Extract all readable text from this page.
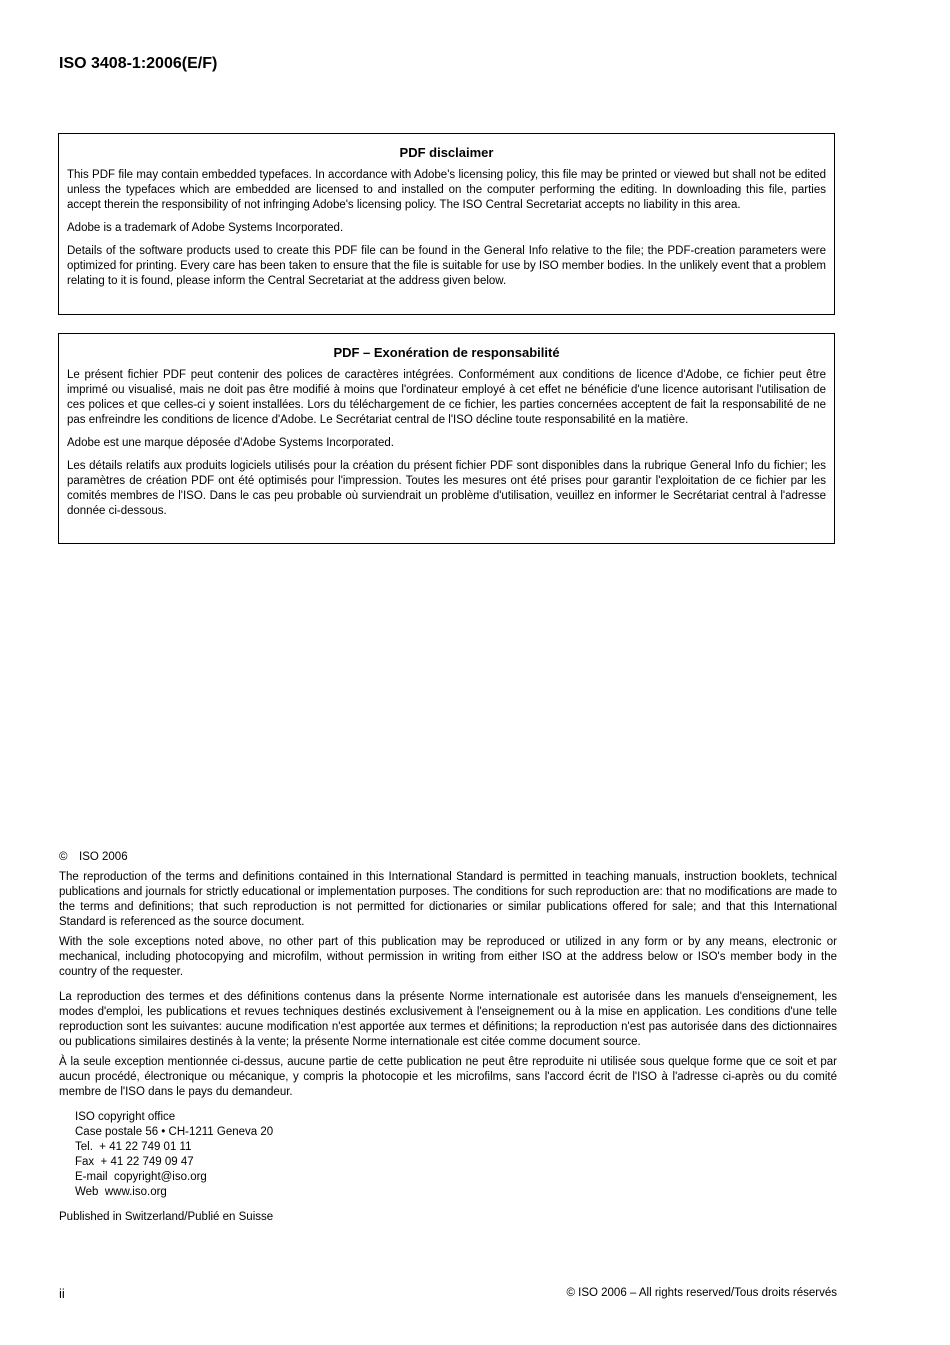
ISO 3408-1:2006(E/F)
PDF disclaimer

This PDF file may contain embedded typefaces. In accordance with Adobe's licensing policy, this file may be printed or viewed but shall not be edited unless the typefaces which are embedded are licensed to and installed on the computer performing the editing. In downloading this file, parties accept therein the responsibility of not infringing Adobe's licensing policy. The ISO Central Secretariat accepts no liability in this area.

Adobe is a trademark of Adobe Systems Incorporated.

Details of the software products used to create this PDF file can be found in the General Info relative to the file; the PDF-creation parameters were optimized for printing. Every care has been taken to ensure that the file is suitable for use by ISO member bodies. In the unlikely event that a problem relating to it is found, please inform the Central Secretariat at the address given below.

PDF – Exonération de responsabilité

Le présent fichier PDF peut contenir des polices de caractères intégrées. Conformément aux conditions de licence d'Adobe, ce fichier peut être imprimé ou visualisé, mais ne doit pas être modifié à moins que l'ordinateur employé à cet effet ne bénéficie d'une licence autorisant l'utilisation de ces polices et que celles-ci y soient installées. Lors du téléchargement de ce fichier, les parties concernées acceptent de fait la responsabilité de ne pas enfreindre les conditions de licence d'Adobe. Le Secrétariat central de l'ISO décline toute responsabilité en la matière.

Adobe est une marque déposée d'Adobe Systems Incorporated.

Les détails relatifs aux produits logiciels utilisés pour la création du présent fichier PDF sont disponibles dans la rubrique General Info du fichier; les paramètres de création PDF ont été optimisés pour l'impression. Toutes les mesures ont été prises pour garantir l'exploitation de ce fichier par les comités membres de l'ISO. Dans le cas peu probable où surviendrait un problème d'utilisation, veuillez en informer le Secrétariat central à l'adresse donnée ci-dessous.

© ISO 2006

The reproduction of the terms and definitions contained in this International Standard is permitted in teaching manuals, instruction booklets, technical publications and journals for strictly educational or implementation purposes. The conditions for such reproduction are: that no modifications are made to the terms and definitions; that such reproduction is not permitted for dictionaries or similar publications offered for sale; and that this International Standard is referenced as the source document.

With the sole exceptions noted above, no other part of this publication may be reproduced or utilized in any form or by any means, electronic or mechanical, including photocopying and microfilm, without permission in writing from either ISO at the address below or ISO's member body in the country of the requester.

La reproduction des termes et des définitions contenus dans la présente Norme internationale est autorisée dans les manuels d'enseignement, les modes d'emploi, les publications et revues techniques destinés exclusivement à l'enseignement ou à la mise en application. Les conditions d'une telle reproduction sont les suivantes: aucune modification n'est apportée aux termes et définitions; la reproduction n'est pas autorisée dans des dictionnaires ou publications similaires destinés à la vente; la présente Norme internationale est citée comme document source.

À la seule exception mentionnée ci-dessus, aucune partie de cette publication ne peut être reproduite ni utilisée sous quelque forme que ce soit et par aucun procédé, électronique ou mécanique, y compris la photocopie et les microfilms, sans l'accord écrit de l'ISO à l'adresse ci-après ou du comité membre de l'ISO dans le pays du demandeur.

ISO copyright office
Case postale 56 • CH-1211 Geneva 20
Tel.  + 41 22 749 01 11
Fax  + 41 22 749 09 47
E-mail  copyright@iso.org
Web  www.iso.org
Published in Switzerland/Publié en Suisse
ii	© ISO 2006 – All rights reserved/Tous droits réservés
